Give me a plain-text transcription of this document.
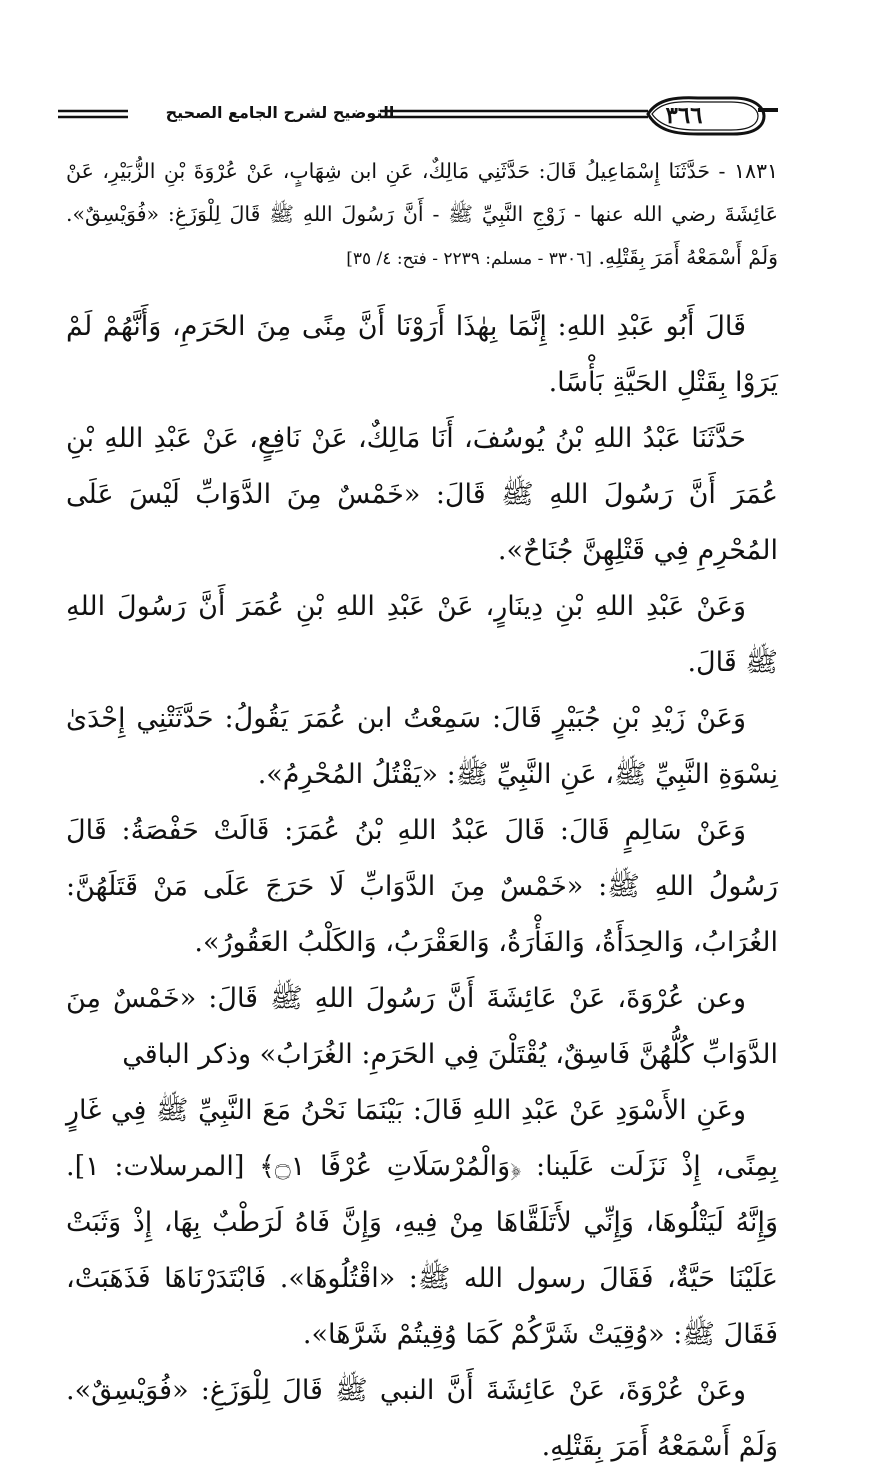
٣٦٦
التوضيح لشرح الجامع الصحيح

١٨٣١ - حَدَّثَنَا إِسْمَاعِيلُ قَالَ: حَدَّثَنِي مَالِكٌ، عَنِ ابن شِهَابٍ، عَنْ عُرْوَةَ بْنِ الزُّبَيْرِ، عَنْ عَائِشَةَ رضي الله عنها - زَوْجِ النَّبِيِّ ﷺ - أَنَّ رَسُولَ اللهِ ﷺ قَالَ لِلْوَزَغِ: «فُوَيْسِقٌ». وَلَمْ أَسْمَعْهُ أَمَرَ بِقَتْلِهِ. [٣٣٠٦ - مسلم: ٢٢٣٩ - فتح: ٤/ ٣٥]

قَالَ أَبُو عَبْدِ اللهِ: إِنَّمَا بِهٰذَا أَرَوْنَا أَنَّ مِنًى مِنَ الحَرَمِ، وَأَنَّهُمْ لَمْ يَرَوْا بِقَتْلِ الحَيَّةِ بَأْسًا.

حَدَّثَنَا عَبْدُ اللهِ بْنُ يُوسُفَ، أَنَا مَالِكٌ، عَنْ نَافِعٍ، عَنْ عَبْدِ اللهِ بْنِ عُمَرَ أَنَّ رَسُولَ اللهِ ﷺ قَالَ: «خَمْسٌ مِنَ الدَّوَابِّ لَيْسَ عَلَى المُحْرِمِ فِي قَتْلِهِنَّ جُنَاحٌ».

وَعَنْ عَبْدِ اللهِ بْنِ دِينَارٍ، عَنْ عَبْدِ اللهِ بْنِ عُمَرَ أَنَّ رَسُولَ اللهِ ﷺ قَالَ.

وَعَنْ زَيْدِ بْنِ جُبَيْرٍ قَالَ: سَمِعْتُ ابن عُمَرَ يَقُولُ: حَدَّثَتْنِي إِحْدَىٰ نِسْوَةِ النَّبِيِّ ﷺ، عَنِ النَّبِيِّ ﷺ: «يَقْتُلُ المُحْرِمُ».

وَعَنْ سَالِمٍ قَالَ: قَالَ عَبْدُ اللهِ بْنُ عُمَرَ: قَالَتْ حَفْصَةُ: قَالَ رَسُولُ اللهِ ﷺ: «خَمْسٌ مِنَ الدَّوَابِّ لَا حَرَجَ عَلَى مَنْ قَتَلَهُنَّ: الغُرَابُ، وَالحِدَأَةُ، وَالفَأْرَةُ، وَالعَقْرَبُ، وَالكَلْبُ العَقُورُ».

وعن عُرْوَةَ، عَنْ عَائِشَةَ أَنَّ رَسُولَ اللهِ ﷺ قَالَ: «خَمْسٌ مِنَ الدَّوَابِّ كُلُّهُنَّ فَاسِقٌ، يُقْتَلْنَ فِي الحَرَمِ: الغُرَابُ» وذكر الباقي

وعَنِ الأَسْوَدِ عَنْ عَبْدِ اللهِ قَالَ: بَيْنَمَا نَحْنُ مَعَ النَّبِيِّ ﷺ فِي غَارٍ بِمِنًى، إِذْ نَزَلَت عَلَينا: ﴿وَالْمُرْسَلَاتِ عُرْفًا ۝١﴾ [المرسلات: ١]. وَإِنَّهُ لَيَتْلُوهَا، وَإِنِّي لأَتَلَقَّاهَا مِنْ فِيهِ، وَإِنَّ فَاهُ لَرَطْبٌ بِهَا، إِذْ وَثَبَتْ عَلَيْنَا حَيَّةٌ، فَقَالَ رسول الله ﷺ: «اقْتُلُوهَا». فَابْتَدَرْنَاهَا فَذَهَبَتْ، فَقَالَ ﷺ: «وُقِيَتْ شَرَّكُمْ كَمَا وُقِيتُمْ شَرَّهَا».

وعَنْ عُرْوَةَ، عَنْ عَائِشَةَ أَنَّ النبي ﷺ قَالَ لِلْوَزَغِ: «فُوَيْسِقٌ». وَلَمْ أَسْمَعْهُ أَمَرَ بِقَتْلِهِ.
